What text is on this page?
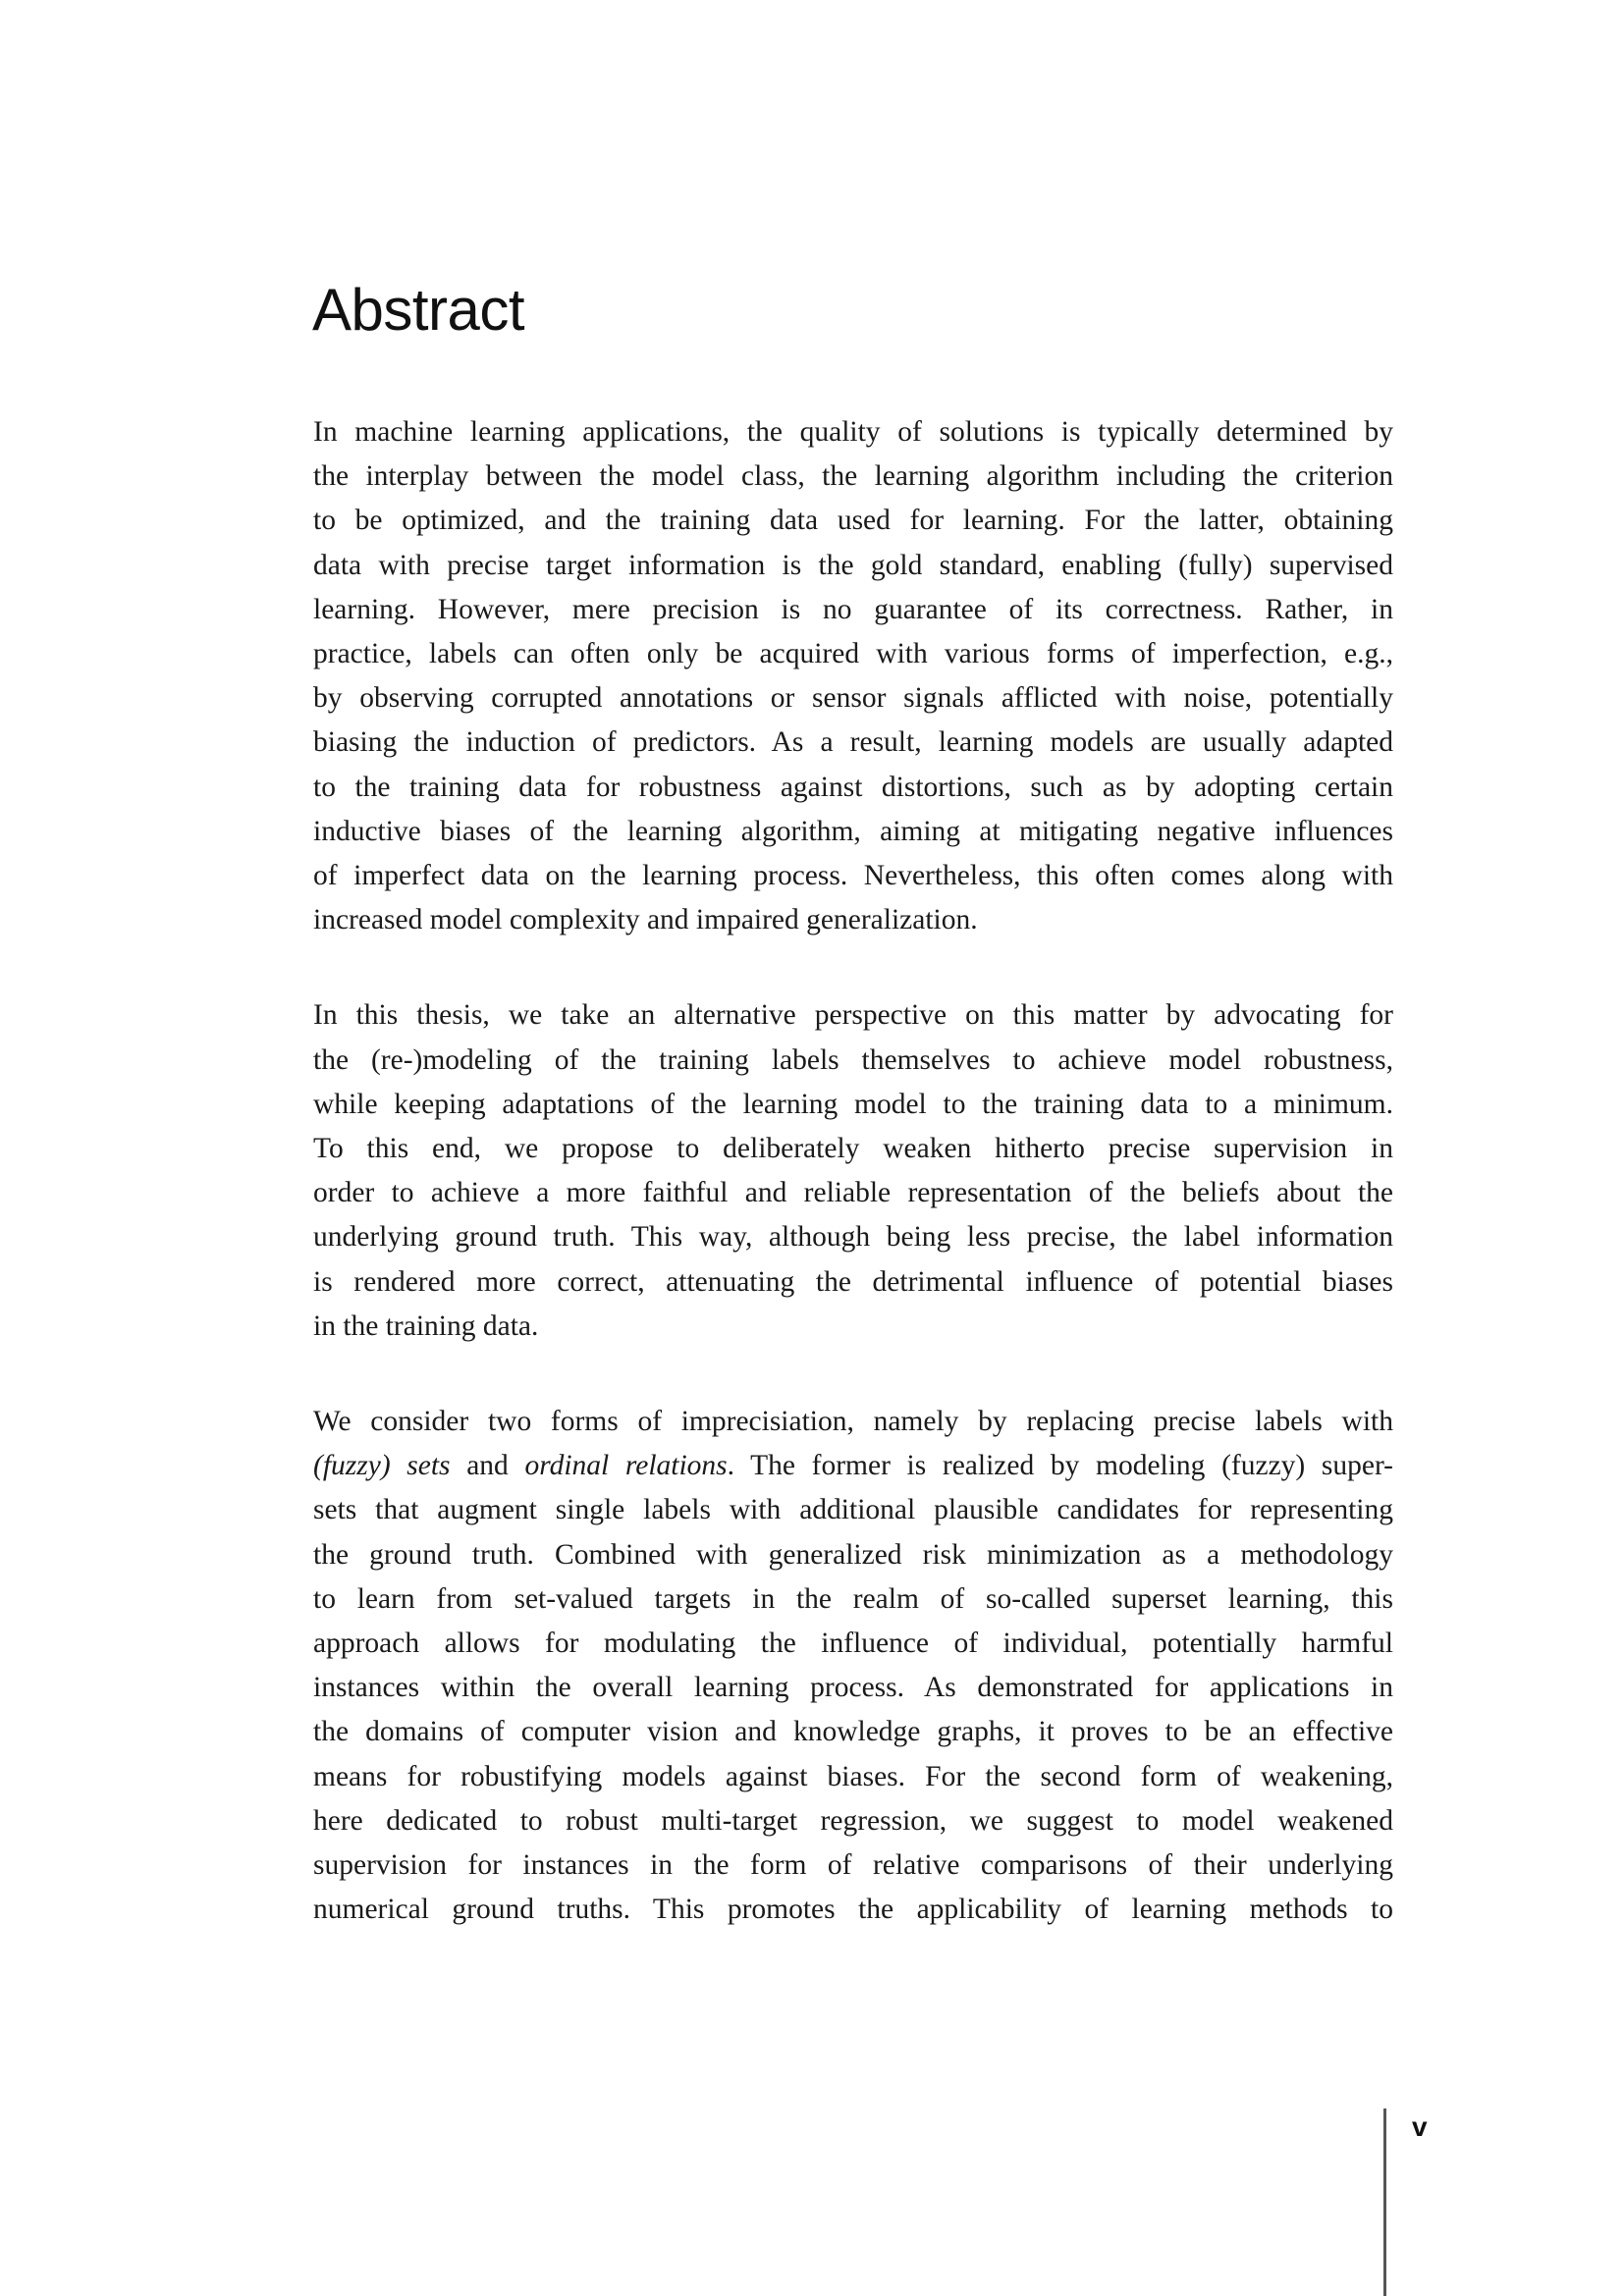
Abstract

In machine learning applications, the quality of solutions is typically determined by
the interplay between the model class, the learning algorithm including the criterion
to be optimized, and the training data used for learning. For the latter, obtaining
data with precise target information is the gold standard, enabling (fully) supervised
learning. However, mere precision is no guarantee of its correctness. Rather, in
practice, labels can often only be acquired with various forms of imperfection, e.g.,
by observing corrupted annotations or sensor signals afflicted with noise, potentially
biasing the induction of predictors. As a result, learning models are usually adapted
to the training data for robustness against distortions, such as by adopting certain
inductive biases of the learning algorithm, aiming at mitigating negative influences
of imperfect data on the learning process. Nevertheless, this often comes along with
increased model complexity and impaired generalization.

In this thesis, we take an alternative perspective on this matter by advocating for
the (re-)modeling of the training labels themselves to achieve model robustness,
while keeping adaptations of the learning model to the training data to a minimum.
To this end, we propose to deliberately weaken hitherto precise supervision in
order to achieve a more faithful and reliable representation of the beliefs about the
underlying ground truth. This way, although being less precise, the label information
is rendered more correct, attenuating the detrimental influence of potential biases
in the training data.

We consider two forms of imprecisiation, namely by replacing precise labels with
(fuzzy) sets and ordinal relations. The former is realized by modeling (fuzzy) super-
sets that augment single labels with additional plausible candidates for representing
the ground truth. Combined with generalized risk minimization as a methodology
to learn from set-valued targets in the realm of so-called superset learning, this
approach allows for modulating the influence of individual, potentially harmful
instances within the overall learning process. As demonstrated for applications in
the domains of computer vision and knowledge graphs, it proves to be an effective
means for robustifying models against biases. For the second form of weakening,
here dedicated to robust multi-target regression, we suggest to model weakened
supervision for instances in the form of relative comparisons of their underlying
numerical ground truths. This promotes the applicability of learning methods to

v
